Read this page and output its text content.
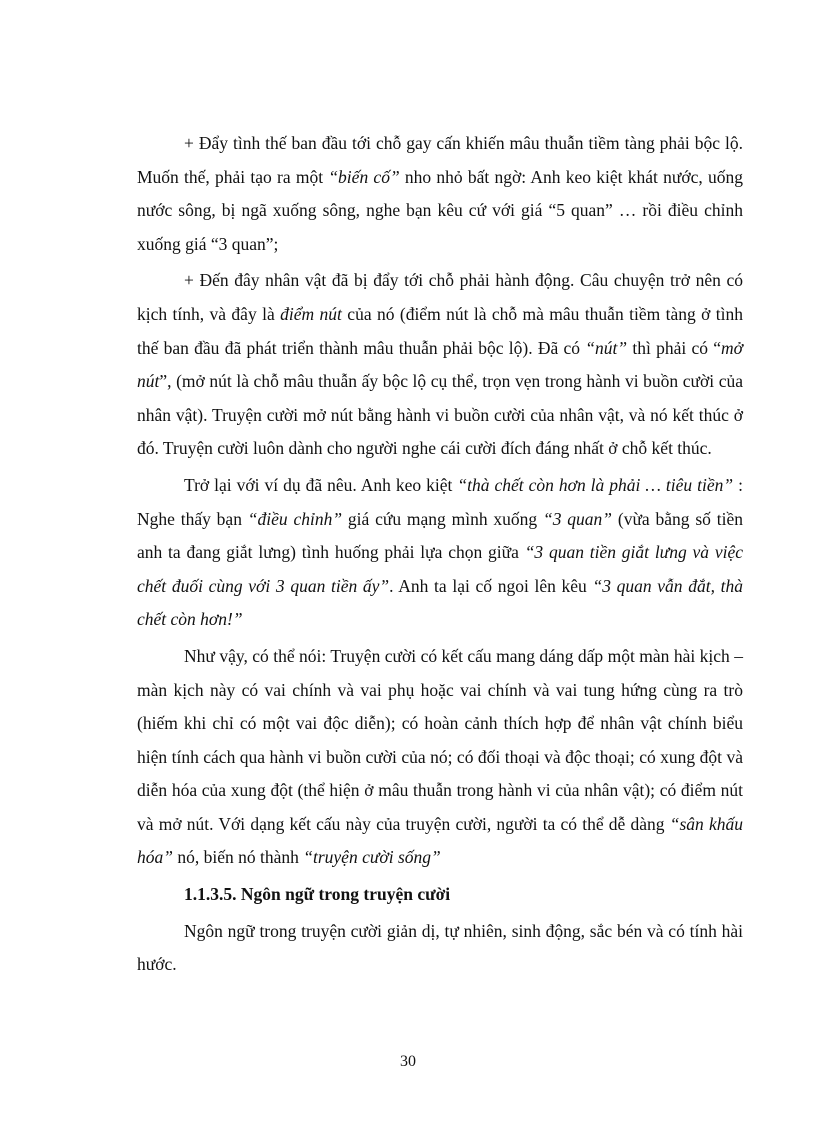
+ Đẩy tình thế ban đầu tới chỗ gay cấn khiến mâu thuẫn tiềm tàng phải bộc lộ. Muốn thế, phải tạo ra một “biến cố” nho nhỏ bất ngờ: Anh keo kiệt khát nước, uống nước sông, bị ngã xuống sông, nghe bạn kêu cứ với giá “5 quan” … rồi điều chỉnh xuống giá “3 quan”;

+ Đến đây nhân vật đã bị đẩy tới chỗ phải hành động. Câu chuyện trở nên có kịch tính, và đây là điểm nút của nó (điểm nút là chỗ mà mâu thuẫn tiềm tàng ở tình thế ban đầu đã phát triển thành mâu thuẫn phải bộc lộ). Đã có “nút” thì phải có “mở nút”, (mở nút là chỗ mâu thuẫn ấy bộc lộ cụ thể, trọn vẹn trong hành vi buồn cười của nhân vật). Truyện cười mở nút bằng hành vi buồn cười của nhân vật, và nó kết thúc ở đó. Truyện cười luôn dành cho người nghe cái cười đích đáng nhất ở chỗ kết thúc.

Trở lại với ví dụ đã nêu. Anh keo kiệt “thà chết còn hơn là phải … tiêu tiền” : Nghe thấy bạn “điều chỉnh” giá cứu mạng mình xuống “3 quan” (vừa bằng số tiền anh ta đang giắt lưng) tình huống phải lựa chọn giữa “3 quan tiền giắt lưng và việc chết đuối cùng với 3 quan tiền ấy”. Anh ta lại cố ngoi lên kêu “3 quan vẫn đắt, thà chết còn hơn!”

Như vậy, có thể nói: Truyện cười có kết cấu mang dáng dấp một màn hài kịch – màn kịch này có vai chính và vai phụ hoặc vai chính và vai tung hứng cùng ra trò (hiếm khi chỉ có một vai độc diễn); có hoàn cảnh thích hợp để nhân vật chính biểu hiện tính cách qua hành vi buồn cười của nó; có đối thoại và độc thoại; có xung đột và diễn hóa của xung đột (thể hiện ở mâu thuẫn trong hành vi của nhân vật); có điểm nút và mở nút. Với dạng kết cấu này của truyện cười, người ta có thể dễ dàng “sân khấu hóa” nó, biến nó thành “truyện cười sống”

1.1.3.5. Ngôn ngữ trong truyện cười

Ngôn ngữ trong truyện cười giản dị, tự nhiên, sinh động, sắc bén và có tính hài hước.

30
